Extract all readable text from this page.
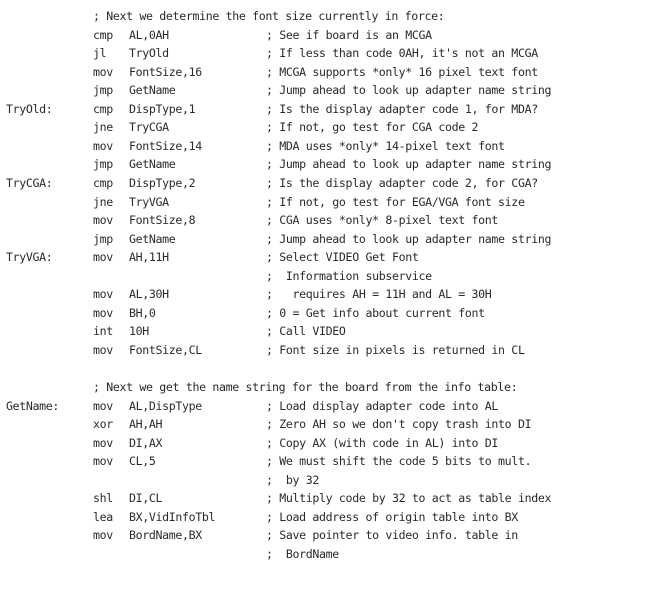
; Next we determine the font size currently in force:
cmp AL,0AH	; See if board is an MCGA
jl TryOld	; If less than code 0AH, it's not an MCGA
mov FontSize,16	; MCGA supports *only* 16 pixel text font
jmp GetName	; Jump ahead to look up adapter name string
TryOld:	cmp DispType,1	; Is the display adapter code 1, for MDA?
jne TryCGA	; If not, go test for CGA code 2
mov FontSize,14	; MDA uses *only* 14-pixel text font
jmp GetName	; Jump ahead to look up adapter name string
TryCGA:	cmp DispType,2	; Is the display adapter code 2, for CGA?
jne TryVGA	; If not, go test for EGA/VGA font size
mov FontSize,8	; CGA uses *only* 8-pixel text font
jmp GetName	; Jump ahead to look up adapter name string
TryVGA:	mov AH,11H	; Select VIDEO Get Font
;  Information subservice
mov AL,30H	;   requires AH = 11H and AL = 30H
mov BH,0	; 0 = Get info about current font
int 10H	; Call VIDEO
mov FontSize,CL	; Font size in pixels is returned in CL
; Next we get the name string for the board from the info table:
GetName:	mov AL,DispType	; Load display adapter code into AL
xor AH,AH	; Zero AH so we don't copy trash into DI
mov DI,AX	; Copy AX (with code in AL) into DI
mov CL,5	; We must shift the code 5 bits to mult.
;  by 32
shl DI,CL	; Multiply code by 32 to act as table index
lea BX,VidInfoTbl	; Load address of origin table into BX
mov BordName,BX	; Save pointer to video info. table in
;  BordName
